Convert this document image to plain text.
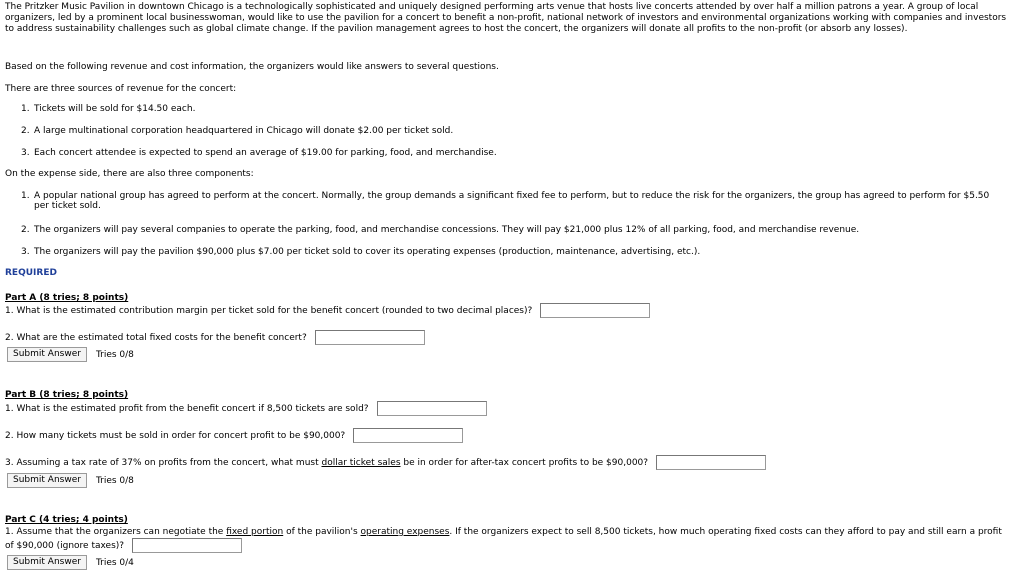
The Pritzker Music Pavilion in downtown Chicago is a technologically sophisticated and uniquely designed performing arts venue that hosts live concerts attended by over half a million patrons a year. A group of local organizers, led by a prominent local businesswoman, would like to use the pavilion for a concert to benefit a non-profit, national network of investors and environmental organizations working with companies and investors to address sustainability challenges such as global climate change. If the pavilion management agrees to host the concert, the organizers will donate all profits to the non-profit (or absorb any losses).

Based on the following revenue and cost information, the organizers would like answers to several questions.

There are three sources of revenue for the concert:

1. Tickets will be sold for $14.50 each.
2. A large multinational corporation headquartered in Chicago will donate $2.00 per ticket sold.
3. Each concert attendee is expected to spend an average of $19.00 for parking, food, and merchandise.

On the expense side, there are also three components:

1. A popular national group has agreed to perform at the concert. Normally, the group demands a significant fixed fee to perform, but to reduce the risk for the organizers, the group has agreed to perform for $5.50 per ticket sold.
2. The organizers will pay several companies to operate the parking, food, and merchandise concessions. They will pay $21,000 plus 12% of all parking, food, and merchandise revenue.
3. The organizers will pay the pavilion $90,000 plus $7.00 per ticket sold to cover its operating expenses (production, maintenance, advertising, etc.).

REQUIRED

Part A (8 tries; 8 points)

1. What is the estimated contribution margin per ticket sold for the benefit concert (rounded to two decimal places)?
2. What are the estimated total fixed costs for the benefit concert?
Submit Answer	Tries 0/8

Part B (8 tries; 8 points)

1. What is the estimated profit from the benefit concert if 8,500 tickets are sold?
2. How many tickets must be sold in order for concert profit to be $90,000?
3. Assuming a tax rate of 37% on profits from the concert, what must dollar ticket sales be in order for after-tax concert profits to be $90,000?
Submit Answer	Tries 0/8

Part C (4 tries; 4 points)

1. Assume that the organizers can negotiate the fixed portion of the pavilion's operating expenses. If the organizers expect to sell 8,500 tickets, how much operating fixed costs can they afford to pay and still earn a profit of $90,000 (ignore taxes)?
Submit Answer	Tries 0/4
